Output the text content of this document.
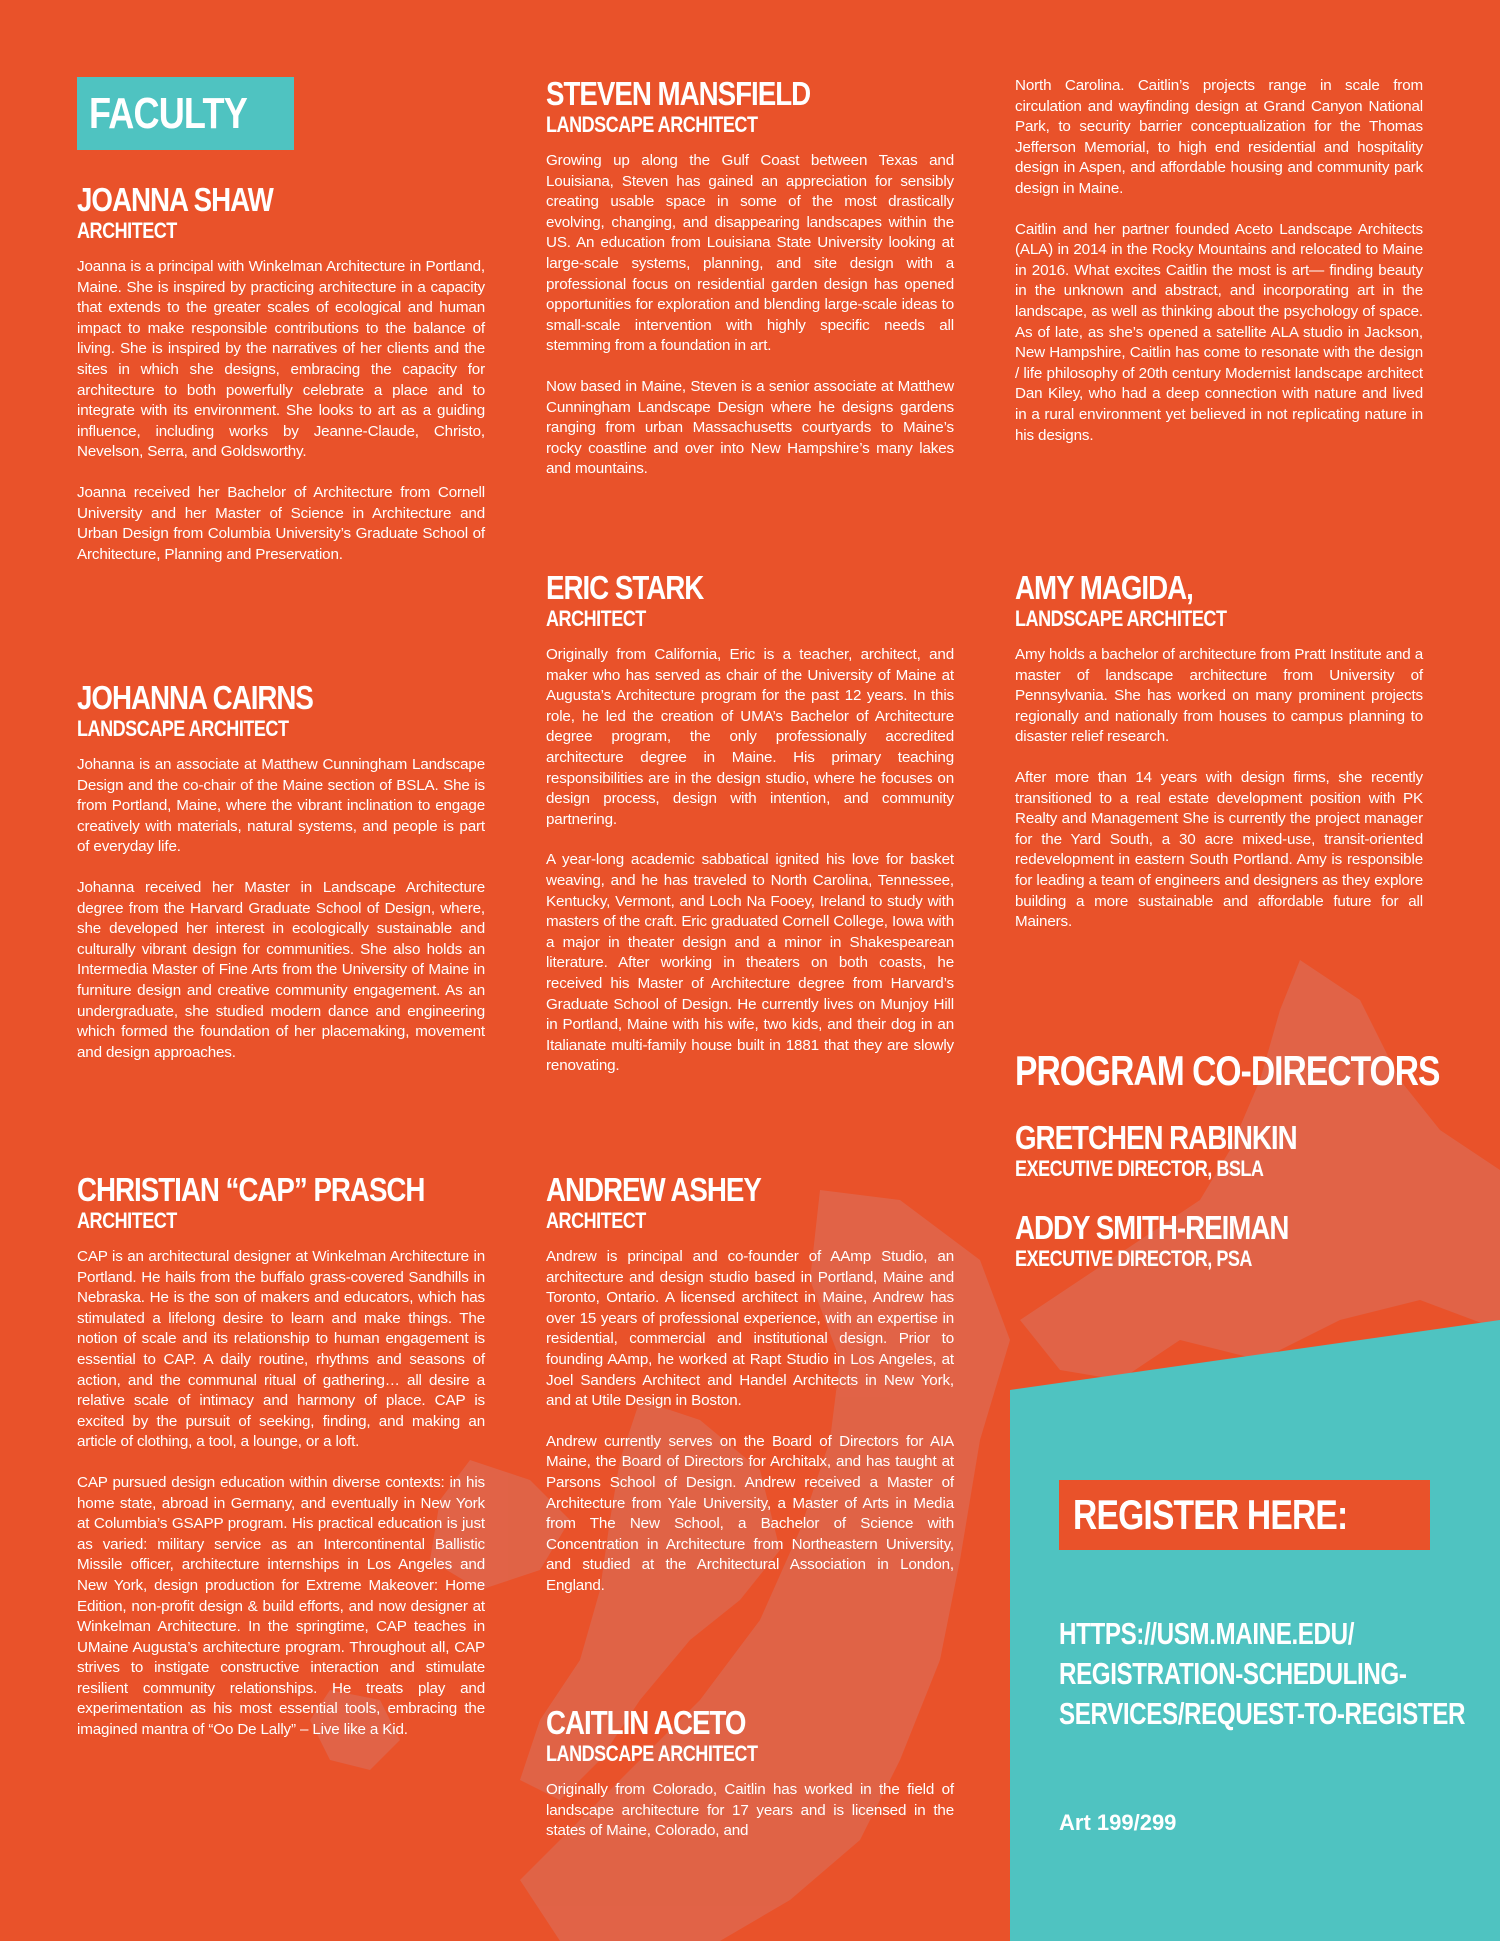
FACULTY
JOANNA SHAW
ARCHITECT

Joanna is a principal with Winkelman Architecture in Portland, Maine. She is inspired by practicing architecture in a capacity that extends to the greater scales of ecological and human impact to make responsible contributions to the balance of living. She is inspired by the narratives of her clients and the sites in which she designs, embracing the capacity for architecture to both powerfully celebrate a place and to integrate with its environment. She looks to art as a guiding influence, including works by Jeanne-Claude, Christo, Nevelson, Serra, and Goldsworthy.

Joanna received her Bachelor of Architecture from Cornell University and her Master of Science in Architecture and Urban Design from Columbia University’s Graduate School of Architecture, Planning and Preservation.

JOHANNA CAIRNS
LANDSCAPE ARCHITECT

Johanna is an associate at Matthew Cunningham Landscape Design and the co-chair of the Maine section of BSLA. She is from Portland, Maine, where the vibrant inclination to engage creatively with materials, natural systems, and people is part of everyday life.

Johanna received her Master in Landscape Architecture degree from the Harvard Graduate School of Design, where, she developed her interest in ecologically sustainable and culturally vibrant design for communities. She also holds an Intermedia Master of Fine Arts from the University of Maine in furniture design and creative community engagement. As an undergraduate, she studied modern dance and engineering which formed the foundation of her placemaking, movement and design approaches.

CHRISTIAN “CAP” PRASCH
ARCHITECT

CAP is an architectural designer at Winkelman Architecture in Portland. He hails from the buffalo grass-covered Sandhills in Nebraska. He is the son of makers and educators, which has stimulated a lifelong desire to learn and make things. The notion of scale and its relationship to human engagement is essential to CAP. A daily routine, rhythms and seasons of action, and the communal ritual of gathering… all desire a relative scale of intimacy and harmony of place. CAP is excited by the pursuit of seeking, finding, and making an article of clothing, a tool, a lounge, or a loft.

CAP pursued design education within diverse contexts: in his home state, abroad in Germany, and eventually in New York at Columbia’s GSAPP program. His practical education is just as varied: military service as an Intercontinental Ballistic Missile officer, architecture internships in Los Angeles and New York, design production for Extreme Makeover: Home Edition, non-profit design & build efforts, and now designer at Winkelman Architecture. In the springtime, CAP teaches in UMaine Augusta’s architecture program. Throughout all, CAP strives to instigate constructive interaction and stimulate resilient community relationships. He treats play and experimentation as his most essential tools, embracing the imagined mantra of “Oo De Lally” – Live like a Kid.

STEVEN MANSFIELD
LANDSCAPE ARCHITECT

Growing up along the Gulf Coast between Texas and Louisiana, Steven has gained an appreciation for sensibly creating usable space in some of the most drastically evolving, changing, and disappearing landscapes within the US. An education from Louisiana State University looking at large-scale systems, planning, and site design with a professional focus on residential garden design has opened opportunities for exploration and blending large-scale ideas to small-scale intervention with highly specific needs all stemming from a foundation in art.

Now based in Maine, Steven is a senior associate at Matthew Cunningham Landscape Design where he designs gardens ranging from urban Massachusetts courtyards to Maine’s rocky coastline and over into New Hampshire’s many lakes and mountains.

ERIC STARK
ARCHITECT

Originally from California, Eric is a teacher, architect, and maker who has served as chair of the University of Maine at Augusta’s Architecture program for the past 12 years. In this role, he led the creation of UMA’s Bachelor of Architecture degree program, the only professionally accredited architecture degree in Maine. His primary teaching responsibilities are in the design studio, where he focuses on design process, design with intention, and community partnering.

A year-long academic sabbatical ignited his love for basket weaving, and he has traveled to North Carolina, Tennessee, Kentucky, Vermont, and Loch Na Fooey, Ireland to study with masters of the craft. Eric graduated Cornell College, Iowa with a major in theater design and a minor in Shakespearean literature. After working in theaters on both coasts, he received his Master of Architecture degree from Harvard’s Graduate School of Design. He currently lives on Munjoy Hill in Portland, Maine with his wife, two kids, and their dog in an Italianate multi-family house built in 1881 that they are slowly renovating.

ANDREW ASHEY
ARCHITECT

Andrew is principal and co-founder of AAmp Studio, an architecture and design studio based in Portland, Maine and Toronto, Ontario. A licensed architect in Maine, Andrew has over 15 years of professional experience, with an expertise in residential, commercial and institutional design. Prior to founding AAmp, he worked at Rapt Studio in Los Angeles, at Joel Sanders Architect and Handel Architects in New York, and at Utile Design in Boston.

Andrew currently serves on the Board of Directors for AIA Maine, the Board of Directors for Architalx, and has taught at Parsons School of Design. Andrew received a Master of Architecture from Yale University, a Master of Arts in Media from The New School, a Bachelor of Science with Concentration in Architecture from Northeastern University, and studied at the Architectural Association in London, England.

CAITLIN ACETO
LANDSCAPE ARCHITECT

Originally from Colorado, Caitlin has worked in the field of landscape architecture for 17 years and is licensed in the states of Maine, Colorado, and

North Carolina. Caitlin’s projects range in scale from circulation and wayfinding design at Grand Canyon National Park, to security barrier conceptualization for the Thomas Jefferson Memorial, to high end residential and hospitality design in Aspen, and affordable housing and community park design in Maine.

Caitlin and her partner founded Aceto Landscape Architects (ALA) in 2014 in the Rocky Mountains and relocated to Maine in 2016. What excites Caitlin the most is art— finding beauty in the unknown and abstract, and incorporating art in the landscape, as well as thinking about the psychology of space. As of late, as she’s opened a satellite ALA studio in Jackson, New Hampshire, Caitlin has come to resonate with the design / life philosophy of 20th century Modernist landscape architect Dan Kiley, who had a deep connection with nature and lived in a rural environment yet believed in not replicating nature in his designs.

AMY MAGIDA,
LANDSCAPE ARCHITECT

Amy holds a bachelor of architecture from Pratt Institute and a master of landscape architecture from University of Pennsylvania. She has worked on many prominent projects regionally and nationally from houses to campus planning to disaster relief research.

After more than 14 years with design firms, she recently transitioned to a real estate development position with PK Realty and Management She is currently the project manager for the Yard South, a 30 acre mixed-use, transit-oriented redevelopment in eastern South Portland. Amy is responsible for leading a team of engineers and designers as they explore building a more sustainable and affordable future for all Mainers.

PROGRAM CO-DIRECTORS
GRETCHEN RABINKIN
EXECUTIVE DIRECTOR, BSLA
ADDY SMITH-REIMAN
EXECUTIVE DIRECTOR, PSA
REGISTER HERE:
HTTPS://USM.MAINE.EDU/
REGISTRATION-SCHEDULING-
SERVICES/REQUEST-TO-REGISTER
Art 199/299
